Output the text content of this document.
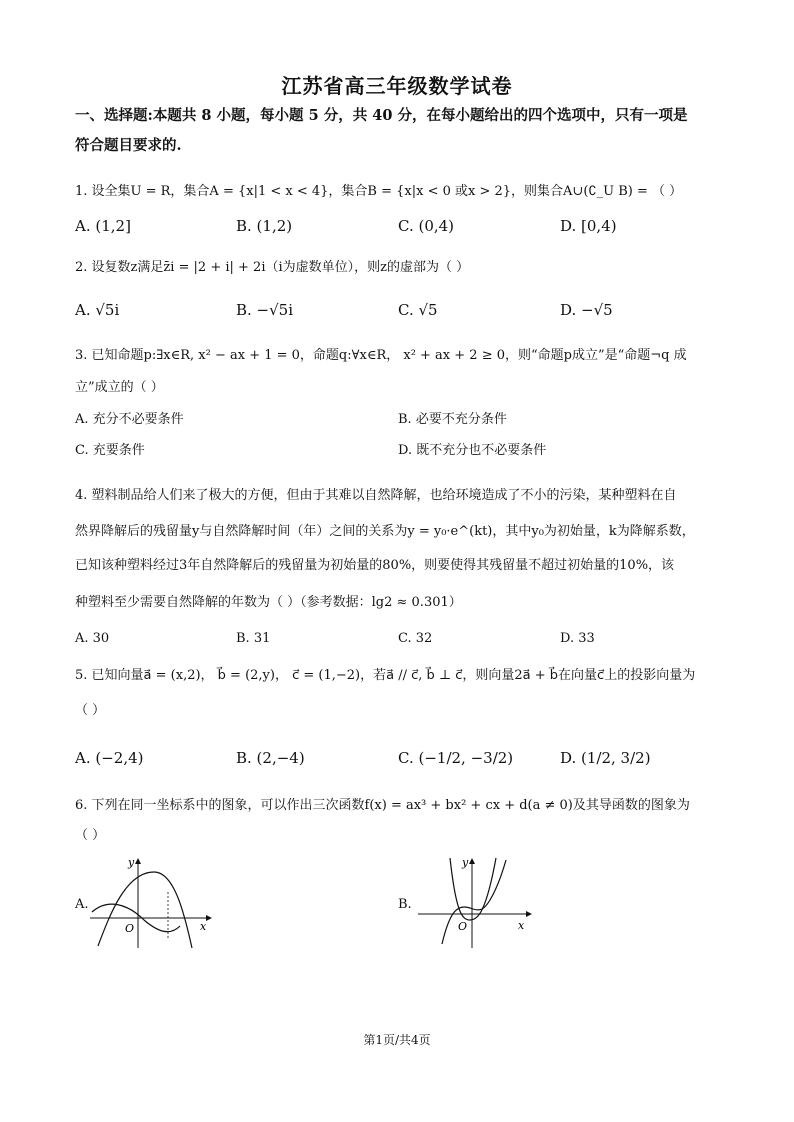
江苏省高三年级数学试卷
一、选择题:本题共 8 小题，每小题 5 分，共 40 分，在每小题给出的四个选项中，只有一项是
符合题目要求的.
1. 设全集U = R，集合A = {x|1 < x < 4}，集合B = {x|x < 0 或x > 2}，则集合A∪(∁_U B) = （ ）
A. (1,2]	B. (1,2)	C. (0,4)	D. [0,4)
2. 设复数z满足z̄i = |2 + i| + 2i（i为虚数单位），则z的虚部为（ ）
A. √5i	B. −√5i	C. √5	D. −√5
3. 已知命题p:∃x∈R, x² − ax + 1 = 0，命题q:∀x∈R， x² + ax + 2 ≥ 0，则“命题p成立”是“命题¬q 成
立”成立的（ ）
A. 充分不必要条件	B. 必要不充分条件
C. 充要条件	D. 既不充分也不必要条件
4. 塑料制品给人们来了极大的方便，但由于其难以自然降解，也给环境造成了不小的污染，某种塑料在自
然界降解后的残留量y与自然降解时间（年）之间的关系为y = y₀·e^(kt)，其中y₀为初始量，k为降解系数，
已知该种塑料经过3年自然降解后的残留量为初始量的80%，则要使得其残留量不超过初始量的10%，该
种塑料至少需要自然降解的年数为（ ）（参考数据：lg2 ≈ 0.301）
A. 30	B. 31	C. 32	D. 33
5. 已知向量a⃗ = (x,2)， b⃗ = (2,y)， c⃗ = (1,−2)，若a⃗ // c⃗, b⃗ ⊥ c⃗，则向量2a⃗ + b⃗在向量c⃗上的投影向量为
（ ）
A. (−2,4)	B. (2,−4)	C. (−1/2, −3/2)	D. (1/2, 3/2)
6. 下列在同一坐标系中的图象，可以作出三次函数f(x) = ax³ + bx² + cx + d(a ≠ 0)及其导函数的图象为
（ ）
A.
y
x
O
B.
y
x
O
第1页/共4页
